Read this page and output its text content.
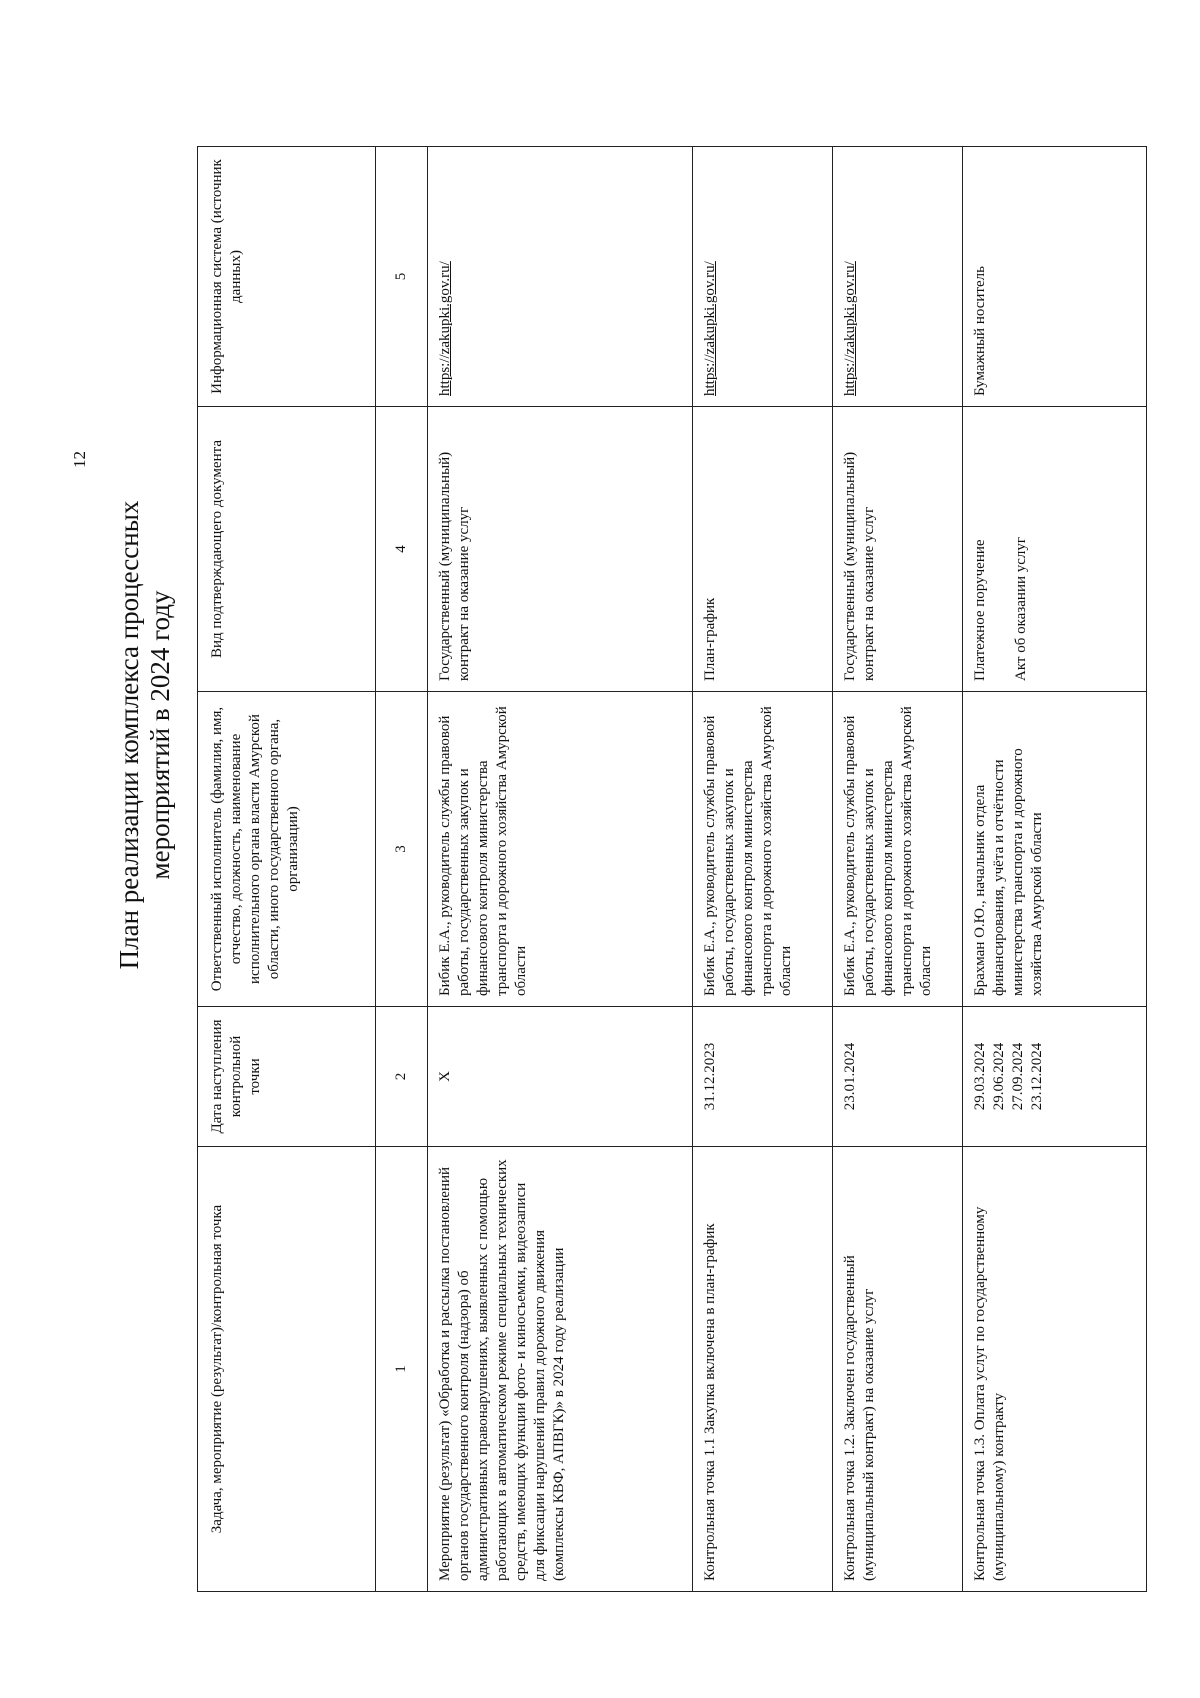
12
План реализации комплекса процессных мероприятий в 2024 году
Задача, мероприятие (результат)/контрольная точка	Дата наступления контрольной точки	Ответственный исполнитель (фамилия, имя, отчество, должность, наименование исполнительного органа власти Амурской области, иного государственного органа, организации)	Вид подтверждающего документа	Информационная система (источник данных)
1	2	3	4	5
Мероприятие (результат) «Обработка и рассылка постановлений органов государственного контроля (надзора) об административных правонарушениях, выявленных с помощью работающих в автоматическом режиме специальных технических средств, имеющих функции фото- и киносъемки, видеозаписи для фиксации нарушений правил дорожного движения (комплексы КВФ, АПВГК)» в 2024 году реализации	X	Бибик Е.А., руководитель службы правовой работы, государственных закупок и финансового контроля министерства транспорта и дорожного хозяйства Амурской области	Государственный (муниципальный) контракт на оказание услуг	https://zakupki.gov.ru/
Контрольная точка 1.1 Закупка включена в план-график	31.12.2023	Бибик Е.А., руководитель службы правовой работы, государственных закупок и финансового контроля министерства транспорта и дорожного хозяйства Амурской области	План-график	https://zakupki.gov.ru/
Контрольная точка 1.2. Заключен государственный (муниципальный контракт) на оказание услуг	23.01.2024	Бибик Е.А., руководитель службы правовой работы, государственных закупок и финансового контроля министерства транспорта и дорожного хозяйства Амурской области	Государственный (муниципальный) контракт на оказание услуг	https://zakupki.gov.ru/
Контрольная точка 1.3. Оплата услуг по государственному (муниципальному) контракту	29.03.2024 29.06.2024 27.09.2024 23.12.2024	Брахман О.Ю., начальник отдела финансирования, учёта и отчётности министерства транспорта и дорожного хозяйства Амурской области	Платежное поручение Акт об оказании услуг	Бумажный носитель
